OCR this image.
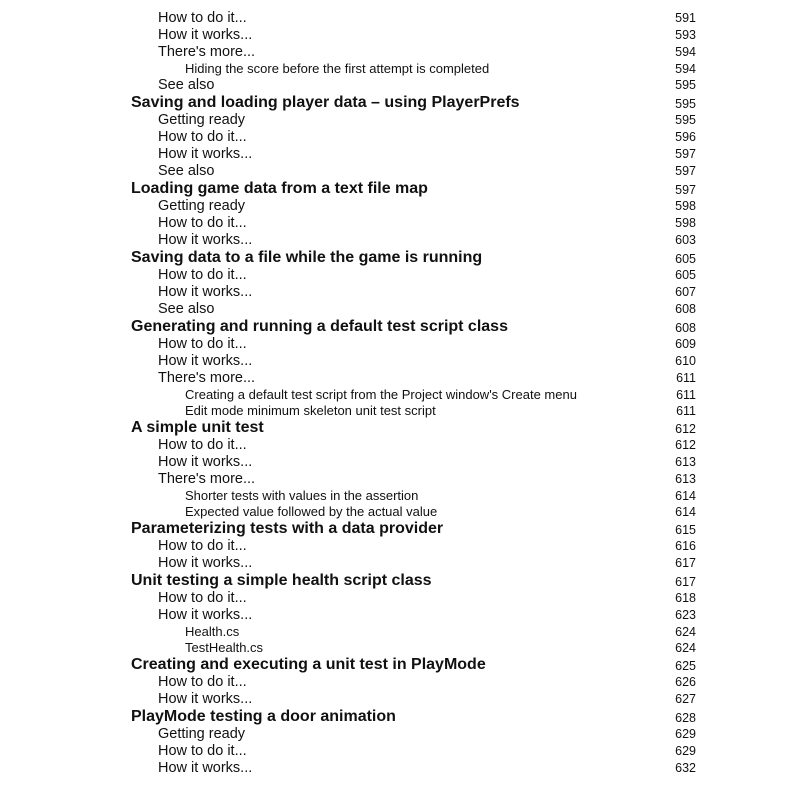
How to do it...	591
How it works...	593
There's more...	594
Hiding the score before the first attempt is completed	594
See also	595
Saving and loading player data – using PlayerPrefs	595
Getting ready	595
How to do it...	596
How it works...	597
See also	597
Loading game data from a text file map	597
Getting ready	598
How to do it...	598
How it works...	603
Saving data to a file while the game is running	605
How to do it...	605
How it works...	607
See also	608
Generating and running a default test script class	608
How to do it...	609
How it works...	610
There's more...	611
Creating a default test script from the Project window's Create menu	611
Edit mode minimum skeleton unit test script	611
A simple unit test	612
How to do it...	612
How it works...	613
There's more...	613
Shorter tests with values in the assertion	614
Expected value followed by the actual value	614
Parameterizing tests with a data provider	615
How to do it...	616
How it works...	617
Unit testing a simple health script class	617
How to do it...	618
How it works...	623
Health.cs	624
TestHealth.cs	624
Creating and executing a unit test in PlayMode	625
How to do it...	626
How it works...	627
PlayMode testing a door animation	628
Getting ready	629
How to do it...	629
How it works...	632
